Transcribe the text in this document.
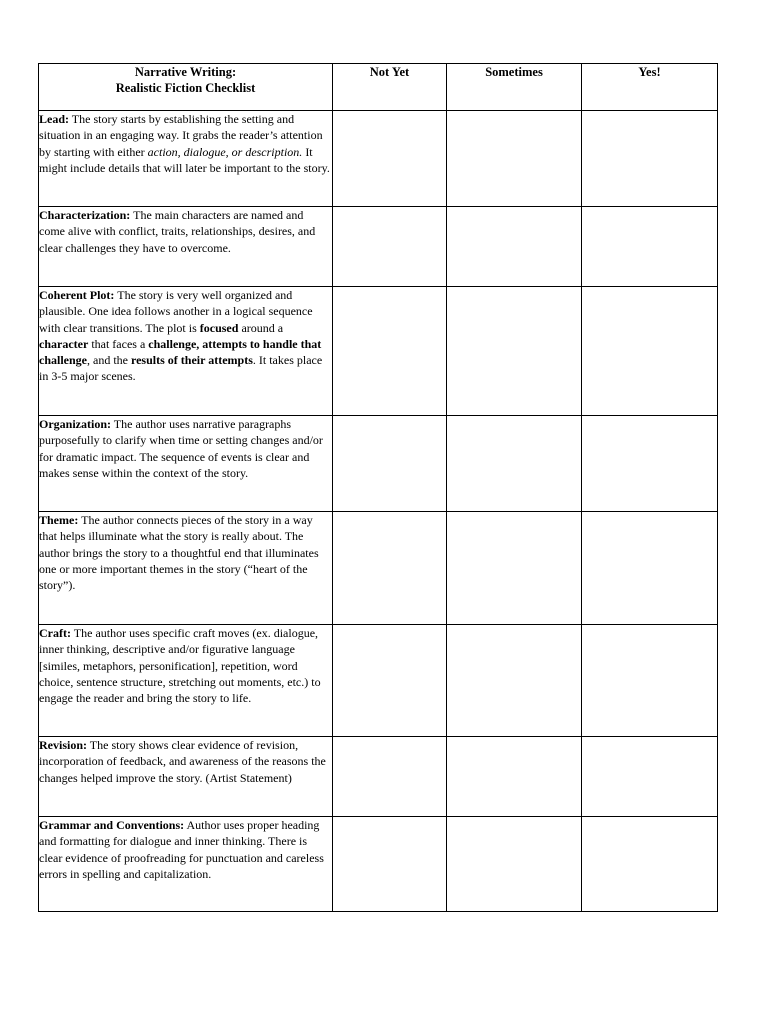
Narrative Writing:
Realistic Fiction Checklist	Not Yet	Sometimes	Yes!
Lead: The story starts by establishing the setting and situation in an engaging way. It grabs the reader’s attention by starting with either action, dialogue, or description. It might include details that will later be important to the story.			
Characterization: The main characters are named and come alive with conflict, traits, relationships, desires, and clear challenges they have to overcome.			
Coherent Plot: The story is very well organized and plausible. One idea follows another in a logical sequence with clear transitions. The plot is focused around a character that faces a challenge, attempts to handle that challenge, and the results of their attempts. It takes place in 3-5 major scenes.			
Organization: The author uses narrative paragraphs purposefully to clarify when time or setting changes and/or for dramatic impact. The sequence of events is clear and makes sense within the context of the story.			
Theme: The author connects pieces of the story in a way that helps illuminate what the story is really about. The author brings the story to a thoughtful end that illuminates one or more important themes in the story (“heart of the story”).			
Craft: The author uses specific craft moves (ex. dialogue, inner thinking, descriptive and/or figurative language [similes, metaphors, personification], repetition, word choice, sentence structure, stretching out moments, etc.) to engage the reader and bring the story to life.			
Revision: The story shows clear evidence of revision, incorporation of feedback, and awareness of the reasons the changes helped improve the story. (Artist Statement)			
Grammar and Conventions: Author uses proper heading and formatting for dialogue and inner thinking. There is clear evidence of proofreading for punctuation and careless errors in spelling and capitalization.			
